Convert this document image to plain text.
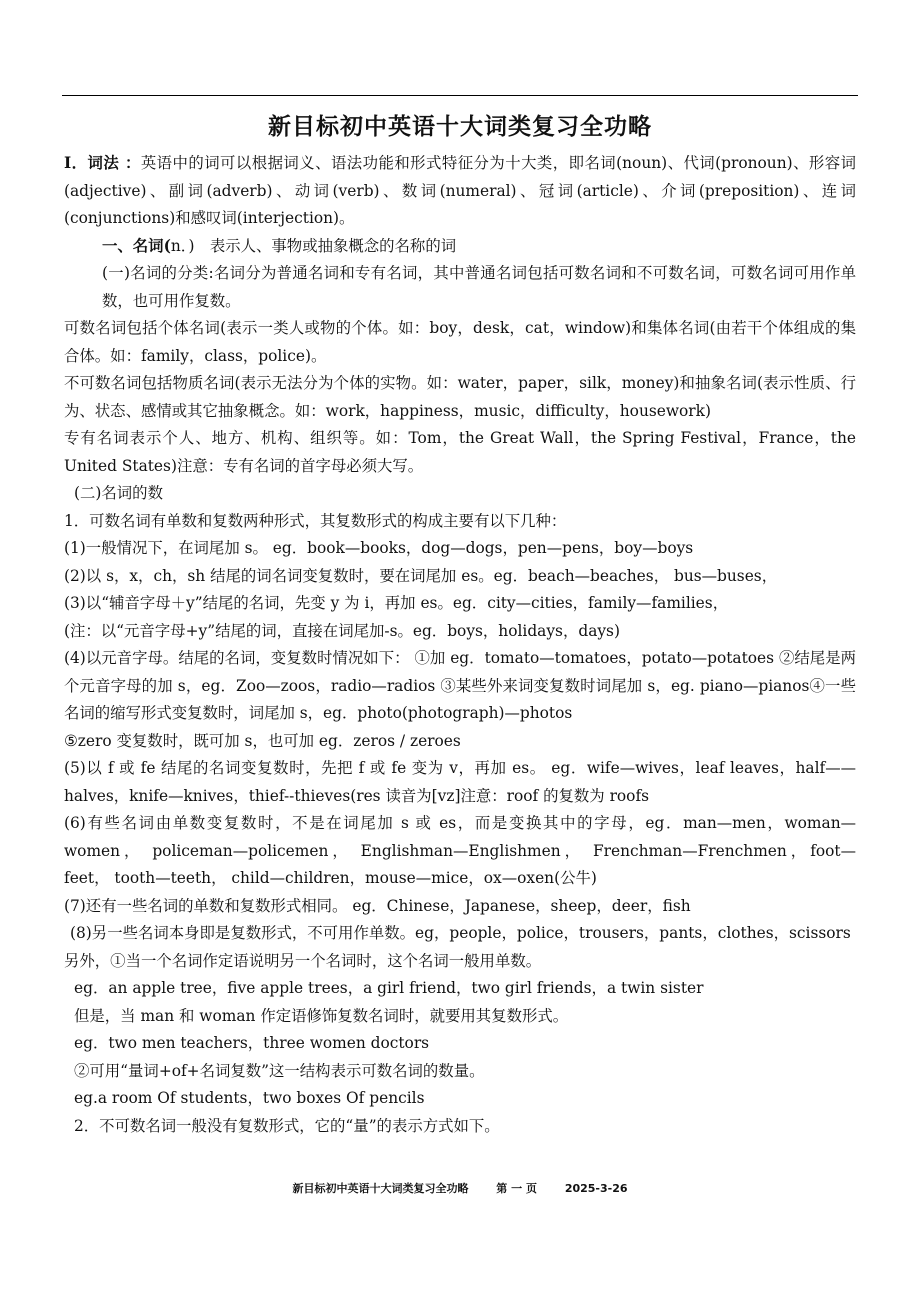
新目标初中英语十大词类复习全功略

I．词法 ：英语中的词可以根据词义、语法功能和形式特征分为十大类，即名词(noun)、代词(pronoun)、形容词(adjective)、副词(adverb)、动词(verb)、数词(numeral)、冠词(article)、介词(preposition)、连词(conjunctions)和感叹词(interjection)。

一、名词(n．)　表示人、事物或抽象概念的名称的词

(一)名词的分类:名词分为普通名词和专有名词，其中普通名词包括可数名词和不可数名词，可数名词可用作单数，也可用作复数。

可数名词包括个体名词(表示一类人或物的个体。如：boy，desk，cat，window)和集体名词(由若干个体组成的集合体。如：family，class，police)。

不可数名词包括物质名词(表示无法分为个体的实物。如：water，paper，silk，money)和抽象名词(表示性质、行为、状态、感情或其它抽象概念。如：work，happiness，music，difficulty，housework)

专有名词表示个人、地方、机构、组织等。如：Tom，the Great Wall，the Spring Festival，France，the United States)注意：专有名词的首字母必须大写。

(二)名词的数

1．可数名词有单数和复数两种形式，其复数形式的构成主要有以下几种：

(1)一般情况下，在词尾加 s。 eg．book—books，dog—dogs，pen—pens，boy—boys

(2)以 s，x，ch，sh 结尾的词名词变复数时，要在词尾加 es。eg．beach—beaches， bus—buses，

(3)以“辅音字母＋y”结尾的名词，先变 y 为 i，再加 es。eg．city—cities，family—families，

(注：以“元音字母+y”结尾的词，直接在词尾加-s。eg．boys，holidays，days)

(4)以元音字母。结尾的名词，变复数时情况如下： ①加 eg．tomato—tomatoes，potato—potatoes ②结尾是两个元音字母的加 s，eg．Zoo—zoos，radio—radios ③某些外来词变复数时词尾加 s，eg. piano—pianos④一些名词的缩写形式变复数时，词尾加 s，eg．photo(photograph)—photos

⑤zero 变复数时，既可加 s，也可加 eg．zeros / zeroes

(5)以 f 或 fe 结尾的名词变复数时，先把 f 或 fe 变为 v，再加 es。 eg．wife—wives，leaf leaves，half——halves，knife—knives，thief--thieves(res 读音为[vz]注意：roof 的复数为 roofs

(6)有些名词由单数变复数时，不是在词尾加 s 或 es，而是变换其中的字母，eg．man—men，woman—women， policeman—policemen， Englishman—Englishmen， Frenchman—Frenchmen，foot—feet， tooth—teeth， child—children，mouse—mice，ox—oxen(公牛)

(7)还有一些名词的单数和复数形式相同。 eg．Chinese，Japanese，sheep，deer，fish

(8)另一些名词本身即是复数形式，不可用作单数。eg，people，police，trousers，pants，clothes，scissors

另外，①当一个名词作定语说明另一个名词时，这个名词一般用单数。

eg．an apple tree，five apple trees，a girl friend，two girl friends，a twin sister

但是，当 man 和 woman 作定语修饰复数名词时，就要用其复数形式。

eg．two men teachers，three women doctors

②可用“量词+of+名词复数”这一结构表示可数名词的数量。

eg.a room Of students，two boxes Of pencils

2．不可数名词一般没有复数形式，它的“量”的表示方式如下。

新目标初中英语十大词类复习全功略	第 一 页	2025-3-26
